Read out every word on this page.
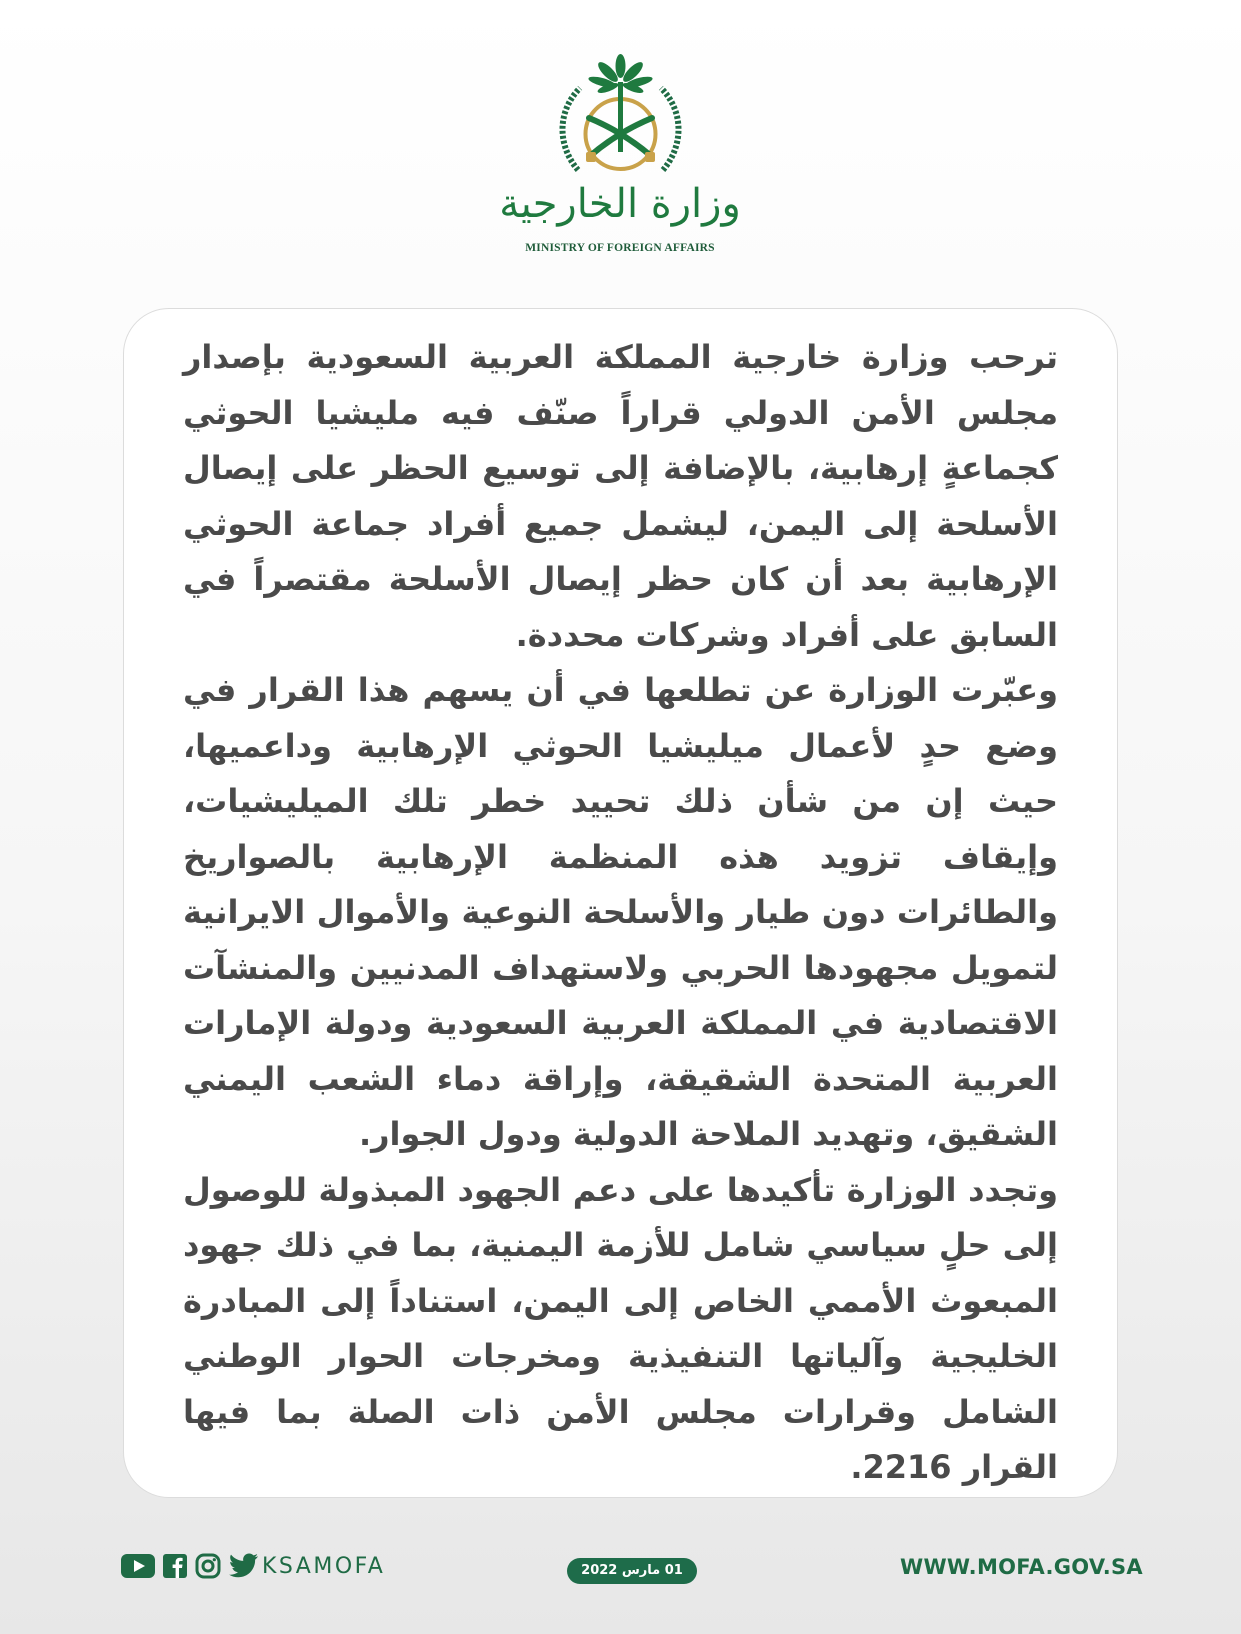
وزارة الخارجية
MINISTRY OF FOREIGN AFFAIRS

ترحب وزارة خارجية المملكة العربية السعودية بإصدار مجلس الأمن الدولي قراراً صنّف فيه مليشيا الحوثي كجماعةٍ إرهابية، بالإضافة إلى توسيع الحظر على إيصال الأسلحة إلى اليمن، ليشمل جميع أفراد جماعة الحوثي الإرهابية بعد أن كان حظر إيصال الأسلحة مقتصراً في السابق على أفراد وشركات محددة.

وعبّرت الوزارة عن تطلعها في أن يسهم هذا القرار في وضع حدٍ لأعمال ميليشيا الحوثي الإرهابية وداعميها، حيث إن من شأن ذلك تحييد خطر تلك الميليشيات، وإيقاف تزويد هذه المنظمة الإرهابية بالصواريخ والطائرات دون طيار والأسلحة النوعية والأموال الايرانية لتمويل مجهودها الحربي ولاستهداف المدنيين والمنشآت الاقتصادية في المملكة العربية السعودية ودولة الإمارات العربية المتحدة الشقيقة، وإراقة دماء الشعب اليمني الشقيق، وتهديد الملاحة الدولية ودول الجوار.

وتجدد الوزارة تأكيدها على دعم الجهود المبذولة للوصول إلى حلٍ سياسي شامل للأزمة اليمنية، بما في ذلك جهود المبعوث الأممي الخاص إلى اليمن، استناداً إلى المبادرة الخليجية وآلياتها التنفيذية ومخرجات الحوار الوطني الشامل وقرارات مجلس الأمن ذات الصلة بما فيها القرار 2216.

KSAMOFA	01 مارس 2022	WWW.MOFA.GOV.SA
